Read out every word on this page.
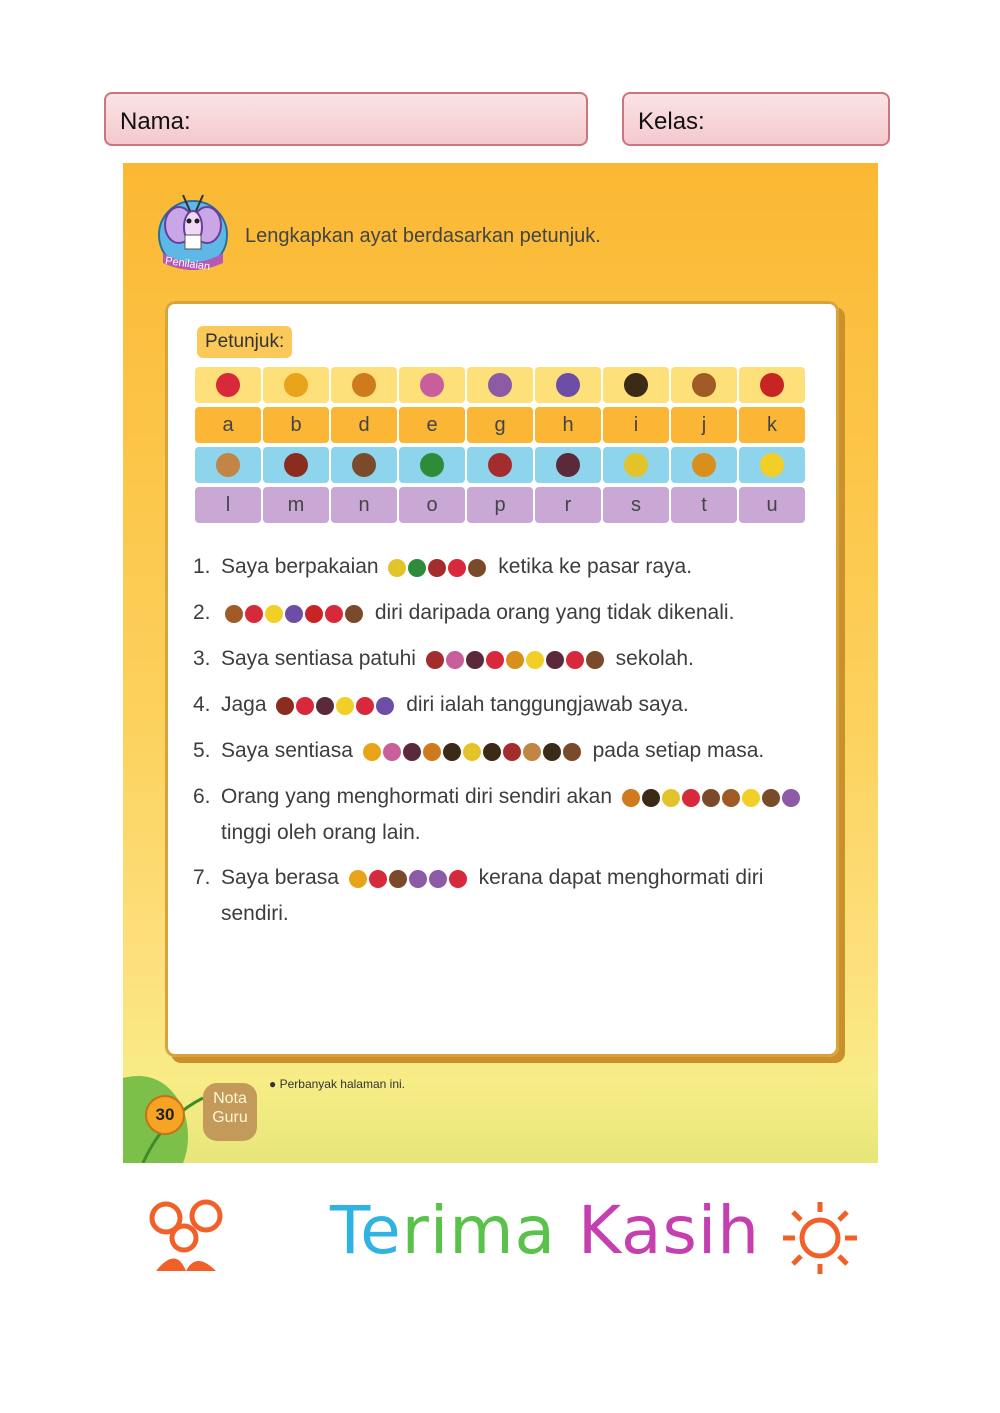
Nama:	Kelas:
Penilaian
Lengkapkan ayat berdasarkan petunjuk.
Petunjuk:
a	b	d	e	g	h	i	j	k
l	m	n	o	p	r	s	t	u
1. Saya berpakaian	ketika ke pasar raya.
2.	diri daripada orang yang tidak dikenali.
3. Saya sentiasa patuhi	sekolah.
4. Jaga	diri ialah tanggungjawab saya.
5. Saya sentiasa	pada setiap masa.
6. Orang yang menghormati diri sendiri akan  tinggi oleh orang lain.
7. Saya berasa	kerana dapat menghormati diri sendiri.
30
Nota Guru
● Perbanyak halaman ini.
Terima Kasih
